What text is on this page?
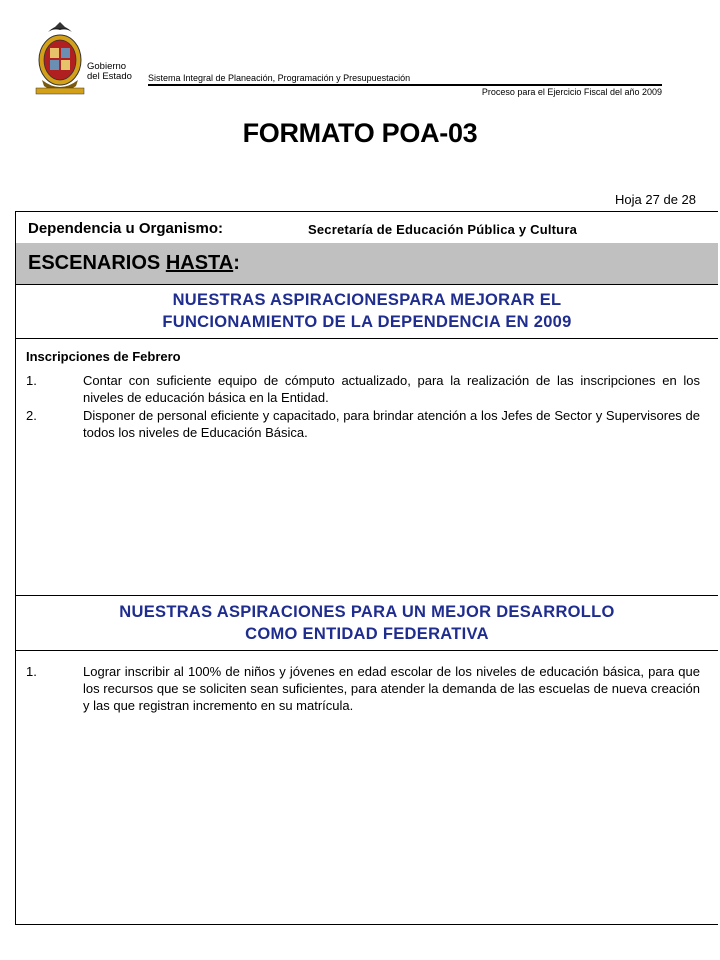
Gobierno
del Estado Sistema Integral de Planeación, Programación y Presupuestación
Proceso para el Ejercicio Fiscal del año 2009
FORMATO POA-03
Hoja 27 de 28
Dependencia u Organismo:	Secretaría de Educación Pública y Cultura
ESCENARIOS HASTA:
NUESTRAS ASPIRACIONESPARA MEJORAR EL
FUNCIONAMIENTO DE LA DEPENDENCIA EN 2009
Inscripciones de Febrero
1.	Contar con suficiente equipo de cómputo actualizado, para la realización de las inscripciones en los niveles de educación básica en la Entidad.
2.	Disponer de personal eficiente y capacitado, para brindar atención a los Jefes de Sector y Supervisores de todos los niveles de Educación Básica.
NUESTRAS ASPIRACIONES PARA UN MEJOR DESARROLLO
COMO ENTIDAD FEDERATIVA
1.	Lograr inscribir al 100% de niños y jóvenes en edad escolar de los niveles de educación básica, para que los recursos que se soliciten sean suficientes, para atender la demanda de las escuelas de nueva creación y las que registran incremento en su matrícula.
